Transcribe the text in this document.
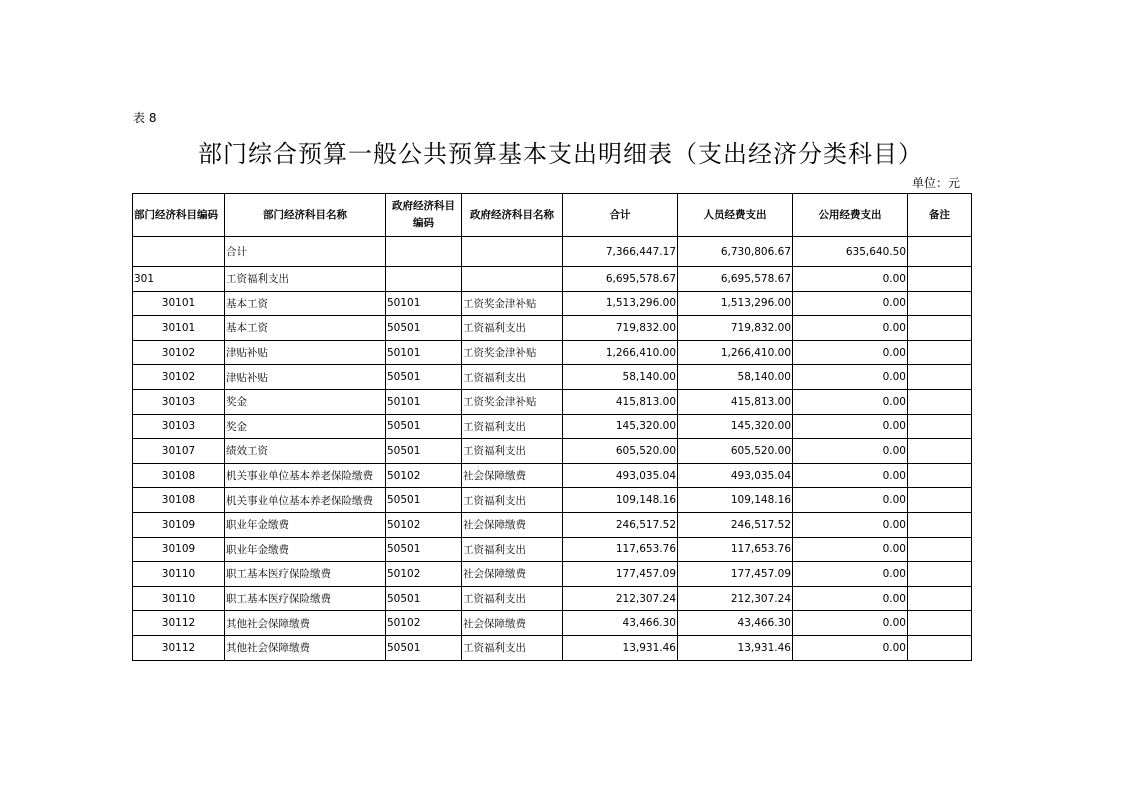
表 8
部门综合预算一般公共预算基本支出明细表（支出经济分类科目）
单位：元
部门经济科目编码	部门经济科目名称	政府经济科目编码	政府经济科目名称	合计	人员经费支出	公用经费支出	备注
	合计			7,366,447.17	6,730,806.67	635,640.50	
301	工资福利支出			6,695,578.67	6,695,578.67	0.00	
30101	基本工资	50101	工资奖金津补贴	1,513,296.00	1,513,296.00	0.00	
30101	基本工资	50501	工资福利支出	719,832.00	719,832.00	0.00	
30102	津贴补贴	50101	工资奖金津补贴	1,266,410.00	1,266,410.00	0.00	
30102	津贴补贴	50501	工资福利支出	58,140.00	58,140.00	0.00	
30103	奖金	50101	工资奖金津补贴	415,813.00	415,813.00	0.00	
30103	奖金	50501	工资福利支出	145,320.00	145,320.00	0.00	
30107	绩效工资	50501	工资福利支出	605,520.00	605,520.00	0.00	
30108	机关事业单位基本养老保险缴费	50102	社会保障缴费	493,035.04	493,035.04	0.00	
30108	机关事业单位基本养老保险缴费	50501	工资福利支出	109,148.16	109,148.16	0.00	
30109	职业年金缴费	50102	社会保障缴费	246,517.52	246,517.52	0.00	
30109	职业年金缴费	50501	工资福利支出	117,653.76	117,653.76	0.00	
30110	职工基本医疗保险缴费	50102	社会保障缴费	177,457.09	177,457.09	0.00	
30110	职工基本医疗保险缴费	50501	工资福利支出	212,307.24	212,307.24	0.00	
30112	其他社会保障缴费	50102	社会保障缴费	43,466.30	43,466.30	0.00	
30112	其他社会保障缴费	50501	工资福利支出	13,931.46	13,931.46	0.00	
